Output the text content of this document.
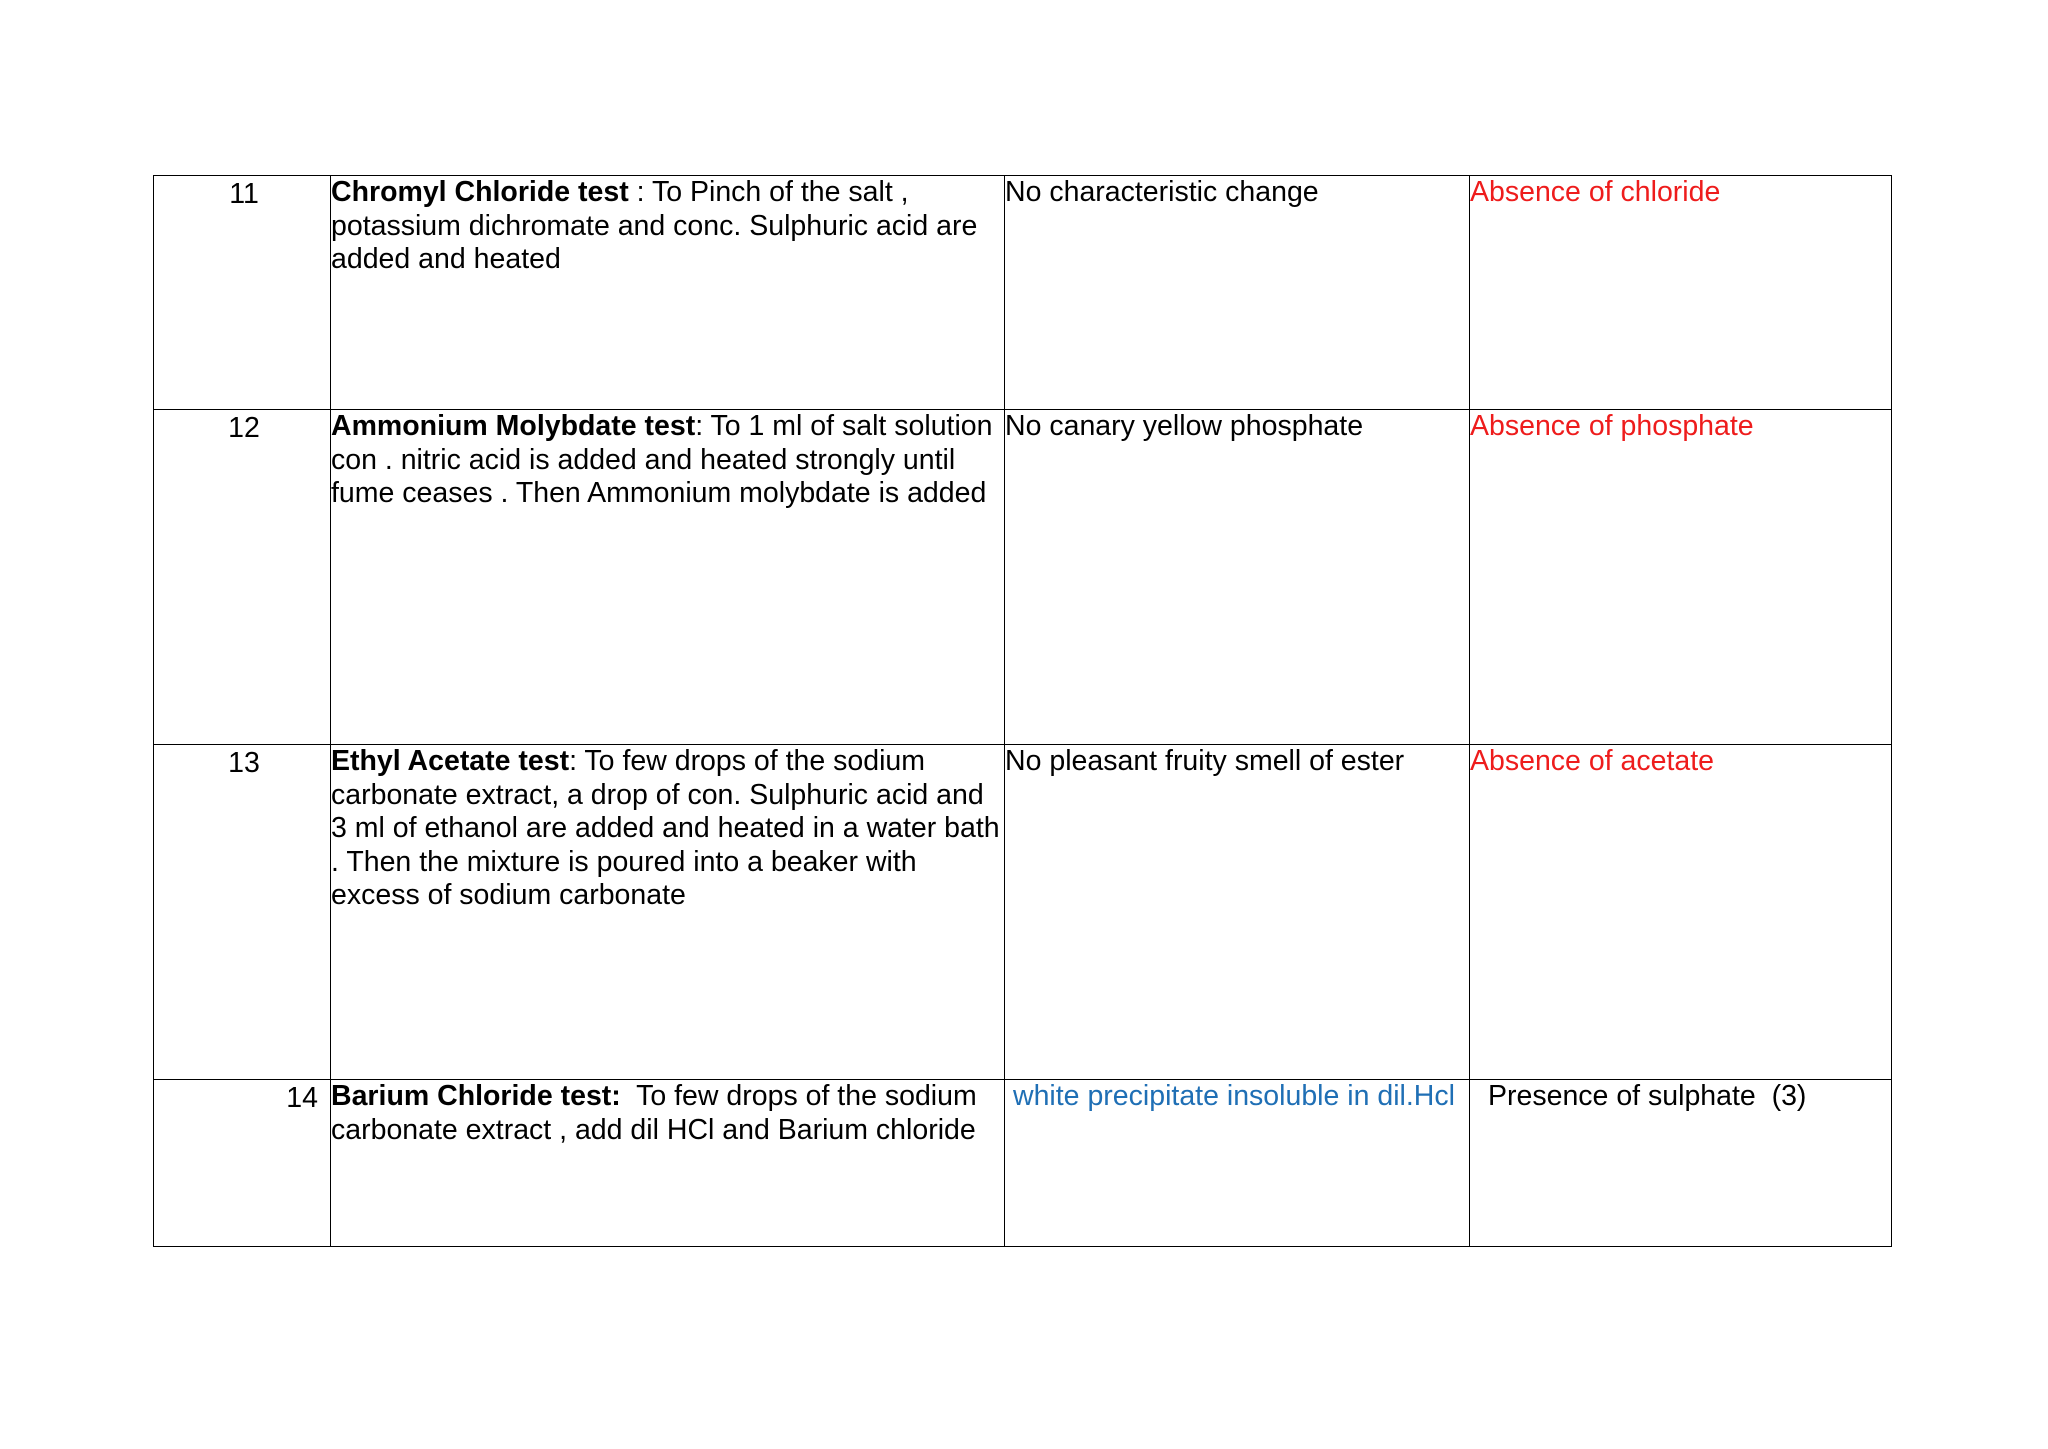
11	Chromyl Chloride test : To Pinch of the salt , potassium dichromate and conc. Sulphuric acid are added and heated	No characteristic change	Absence of chloride

12	Ammonium Molybdate test: To 1 ml of salt solution con . nitric acid is added and heated strongly until fume ceases . Then Ammonium molybdate is added	No canary yellow phosphate	Absence of phosphate

13	Ethyl Acetate test: To few drops of the sodium carbonate extract, a drop of con. Sulphuric acid and 3 ml of ethanol are added and heated in a water bath . Then the mixture is poured into a beaker with excess of sodium carbonate	No pleasant fruity smell of ester	Absence of acetate

14	Barium Chloride test:  To few drops of the sodium carbonate extract , add dil HCl and Barium chloride	white precipitate insoluble in dil.Hcl	Presence of sulphate  (3)
